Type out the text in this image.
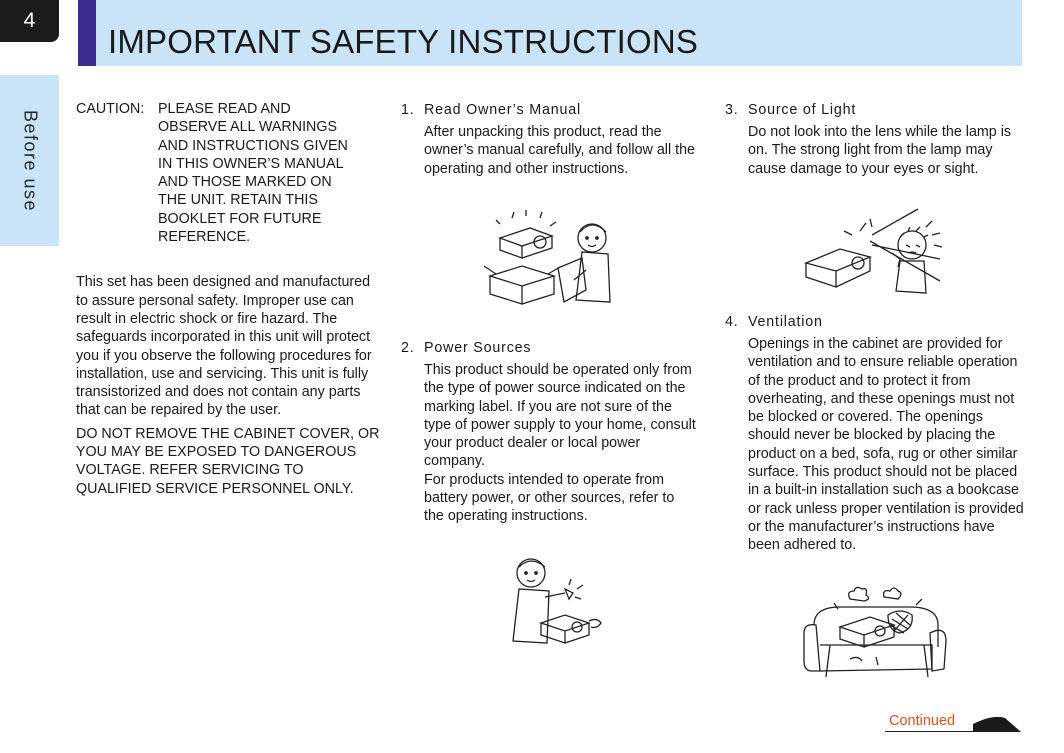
4
Before use
IMPORTANT SAFETY INSTRUCTIONS
CAUTION: PLEASE READ AND OBSERVE ALL WARNINGS AND INSTRUCTIONS GIVEN IN THIS OWNER’S MANUAL AND THOSE MARKED ON THE UNIT. RETAIN THIS BOOKLET FOR FUTURE REFERENCE.
This set has been designed and manufactured to assure personal safety. Improper use can result in electric shock or fire hazard. The safeguards incorporated in this unit will protect you if you observe the following procedures for installation, use and servicing. This unit is fully transistorized and does not contain any parts that can be repaired by the user.
DO NOT REMOVE THE CABINET COVER, OR YOU MAY BE EXPOSED TO DANGEROUS VOLTAGE. REFER SERVICING TO QUALIFIED SERVICE PERSONNEL ONLY.
1. Read Owner’s Manual
After unpacking this product, read the owner’s manual carefully, and follow all the operating and other instructions.
2. Power Sources
This product should be operated only from the type of power source indicated on the marking label. If you are not sure of the type of power supply to your home, consult your product dealer or local power company.
For products intended to operate from battery power, or other sources, refer to the operating instructions.
3. Source of Light
Do not look into the lens while the lamp is on. The strong light from the lamp may cause damage to your eyes or sight.
4. Ventilation
Openings in the cabinet are provided for ventilation and to ensure reliable operation of the product and to protect it from overheating, and these openings must not be blocked or covered. The openings should never be blocked by placing the product on a bed, sofa, rug or other similar surface. This product should not be placed in a built-in installation such as a bookcase or rack unless proper ventilation is provided or the manufacturer’s instructions have been adhered to.
Continued
